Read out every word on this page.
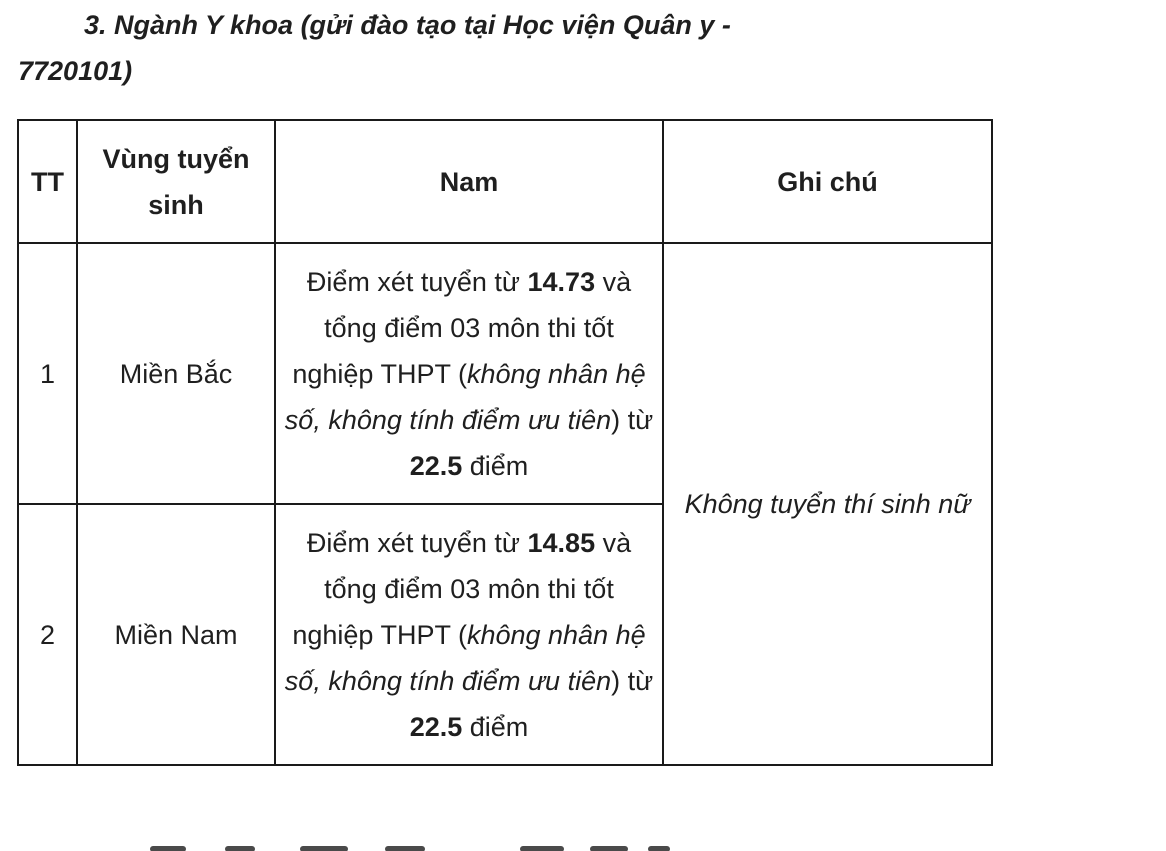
3. Ngành Y khoa (gửi đào tạo tại Học viện Quân y - 7720101)

TT	Vùng tuyển sinh	Nam	Ghi chú
1	Miền Bắc	Điểm xét tuyển từ 14.73 và tổng điểm 03 môn thi tốt nghiệp THPT (không nhân hệ số, không tính điểm ưu tiên) từ 22.5 điểm	Không tuyển thí sinh nữ
2	Miền Nam	Điểm xét tuyển từ 14.85 và tổng điểm 03 môn thi tốt nghiệp THPT (không nhân hệ số, không tính điểm ưu tiên) từ 22.5 điểm	
